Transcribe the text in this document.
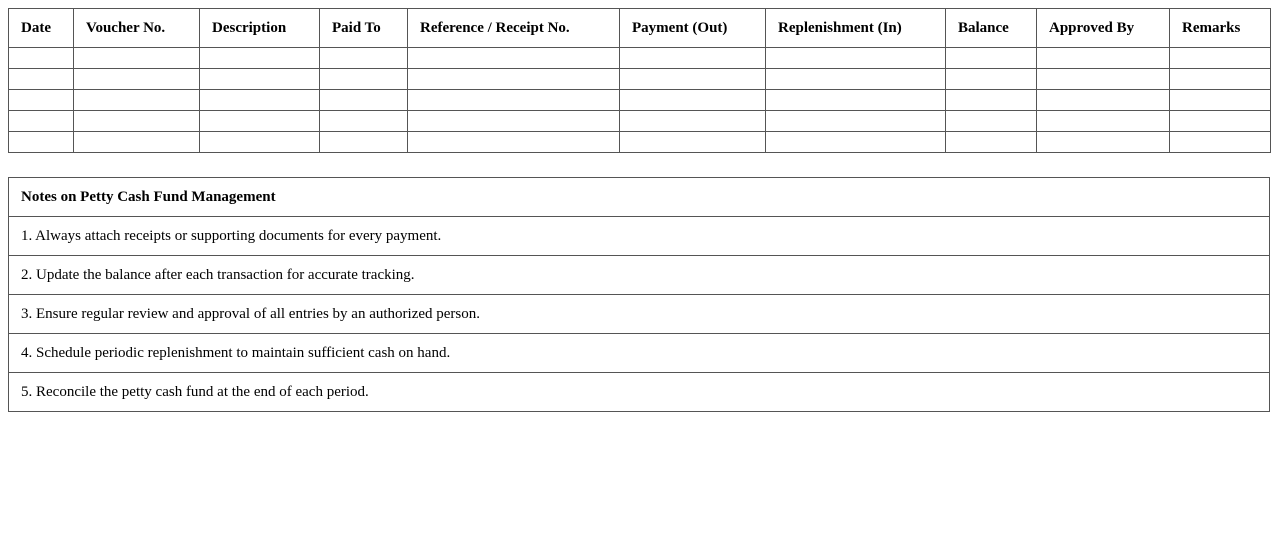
Date	Voucher No.	Description	Paid To	Reference / Receipt No.	Payment (Out)	Replenishment (In)	Balance	Approved By	Remarks

Notes on Petty Cash Fund Management
1. Always attach receipts or supporting documents for every payment.
2. Update the balance after each transaction for accurate tracking.
3. Ensure regular review and approval of all entries by an authorized person.
4. Schedule periodic replenishment to maintain sufficient cash on hand.
5. Reconcile the petty cash fund at the end of each period.
